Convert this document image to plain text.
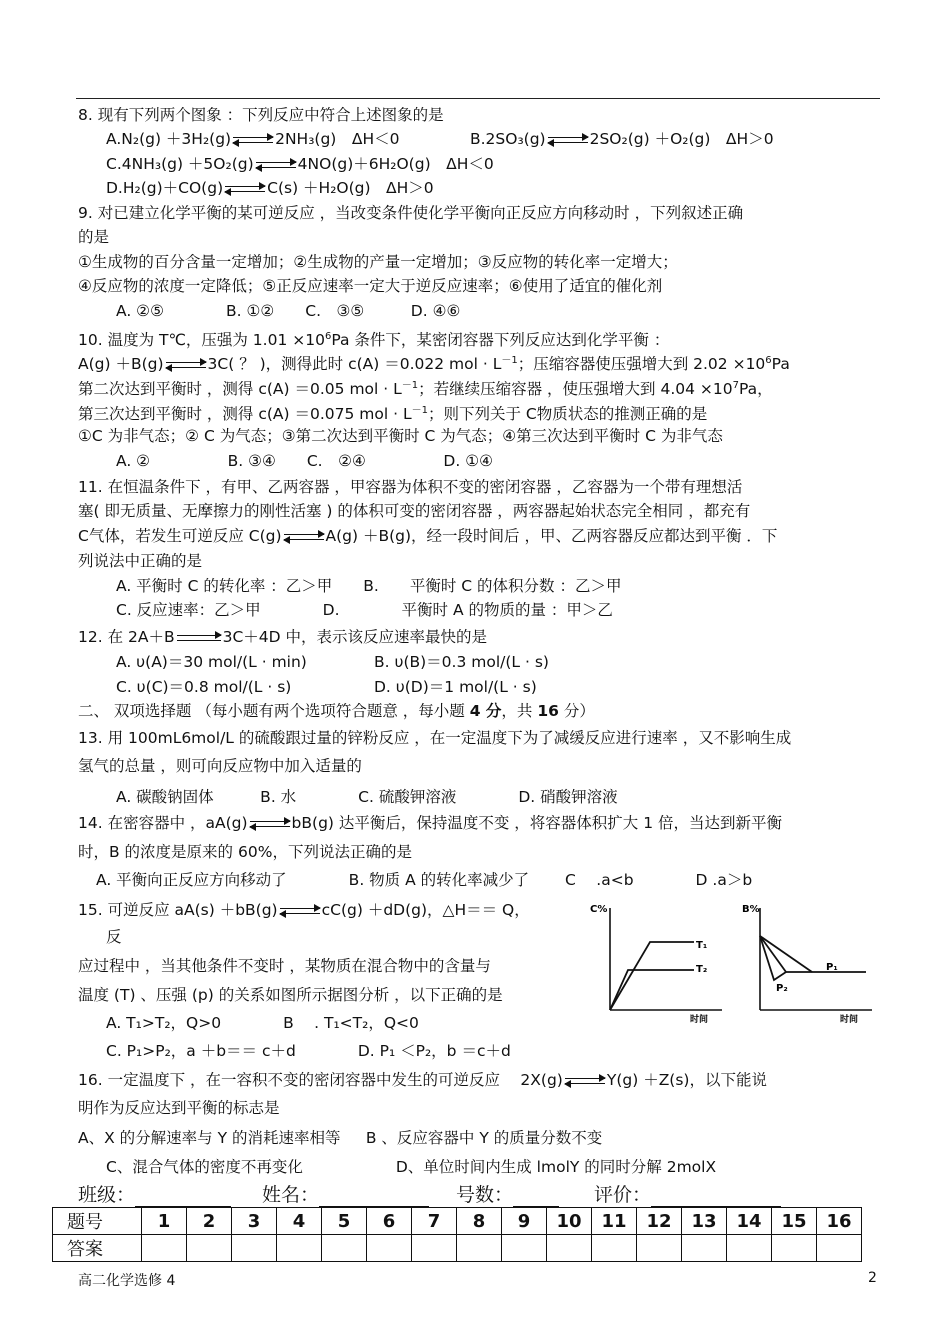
8. 现有下列两个图象 ：下列反应中符合上述图象的是
A.N₂(g) ＋3H₂(g)	2NH₃(g)　ΔH＜0	B.2SO₃(g)	2SO₂(g) ＋O₂(g)　ΔH＞0
C.4NH₃(g) ＋5O₂(g)	4NO(g)＋6H₂O(g)　ΔH＜0
D.H₂(g)＋CO(g)	C(s) ＋H₂O(g)　ΔH＞0
9. 对已建立化学平衡的某可逆反应 ，当改变条件使化学平衡向正反应方向移动时 ，下列叙述正确
的是
①生成物的百分含量一定增加；②生成物的产量一定增加；③反应物的转化率一定增大；
④反应物的浓度一定降低；⑤正反应速率一定大于逆反应速率；⑥使用了适宜的催化剂
A. ②⑤　　　　B. ①②　　C.　③⑤　　　D. ④⑥
10. 温度为 T℃，压强为 $1.01 \times 10^6Pa$ 条件下，某密闭容器下列反应达到化学平衡 ：
A(g) ＋B(g)	3C( ？ )，测得此时 c(A) ＝0.022 mol · $L^{-1}$；压缩容器使压强增大到 $2.02 \times 10^6Pa$
第二次达到平衡时 ，测得 c(A) ＝0.05 mol · $L^{-1}$；若继续压缩容器 ，使压强增大到 $4.04 \times 10^7Pa$，
第三次达到平衡时 ，测得 c(A) ＝0.075 mol · $L^{-1}$；则下列关于 C物质状态的推测正确的是
①C 为非气态；② C 为气态；③第二次达到平衡时 C 为气态；④第三次达到平衡时 C 为非气态
A. ②　　　　　B. ③④　　C.　②④　　　　　D. ①④
11. 在恒温条件下 ，有甲、乙两容器 ，甲容器为体积不变的密闭容器 ，乙容器为一个带有理想活
塞( 即无质量、无摩擦力的刚性活塞 ) 的体积可变的密闭容器 ，两容器起始状态完全相同 ，都充有
C气体，若发生可逆反应 C(g)	A(g) ＋B(g)，经一段时间后 ，甲、乙两容器反应都达到平衡 ．下
列说法中正确的是
A. 平衡时 C 的转化率 ：乙＞甲　　B.　　平衡时 C 的体积分数 ：乙＞甲
C. 反应速率：乙＞甲　　　　D.　　　　平衡时 A 的物质的量 ：甲＞乙
12. 在 2A＋B	3C＋4D 中，表示该反应速率最快的是
A. υ(A)＝30 mol/(L · min)	B. υ(B)＝0.3 mol/(L · s)
C. υ(C)＝0.8 mol/(L · s)	D. υ(D)＝1 mol/(L · s)
二、 双项选择题 （每小题有两个选项符合题意 ，每小题 4 分，共 16 分）
13. 用 100mL6mol/L 的硫酸跟过量的锌粉反应 ，在一定温度下为了减缓反应进行速率 ，又不影响生成
氢气的总量 ，则可向反应物中加入适量的
A. 碳酸钠固体　　　B. 水　　　　C. 硫酸钾溶液　　　　D. 硝酸钾溶液
14. 在密容器中 ，aA(g)	bB(g) 达平衡后，保持温度不变 ，将容器体积扩大 1 倍，当达到新平衡
时，B 的浓度是原来的 60%，下列说法正确的是
A. 平衡向正反应方向移动了　　　　B. 物质 A 的转化率减少了　　 C　 .a<b　　　　D .a＞b
15. 可逆反应 aA(s) ＋bB(g)	cC(g) ＋dD(g)，△H＝＝ Q，
反
应过程中 ，当其他条件不变时 ，某物质在混合物中的含量与
温度 (T) 、压强 (p) 的关系如图所示据图分析 ，以下正确的是
A. T₁>T₂，Q>0　　　　B　 . T₁<T₂，Q<0
C. P₁>P₂，a ＋b＝＝ c＋d　　　　D. P₁ ＜P₂，b ＝c＋d
C%
T₁
T₂
时间
B%
P₁
P₂
时间
16. 一定温度下 ，在一容积不变的密闭容器中发生的可逆反应 　2X(g)	Y(g) ＋Z(s)，以下能说
明作为反应达到平衡的标志是
A、X 的分解速率与 Y 的消耗速率相等 　 B 、反应容器中 Y 的质量分数不变
C、混合气体的密度不再变化　　　　　　D、单位时间内生成 lmolY 的同时分解 2molX
班级：	姓名：	号数：	评价：
题号	1	2	3	4	5	6	7	8	9	10	11	12	13	14	15	16
答案																
高二化学选修 4	2
